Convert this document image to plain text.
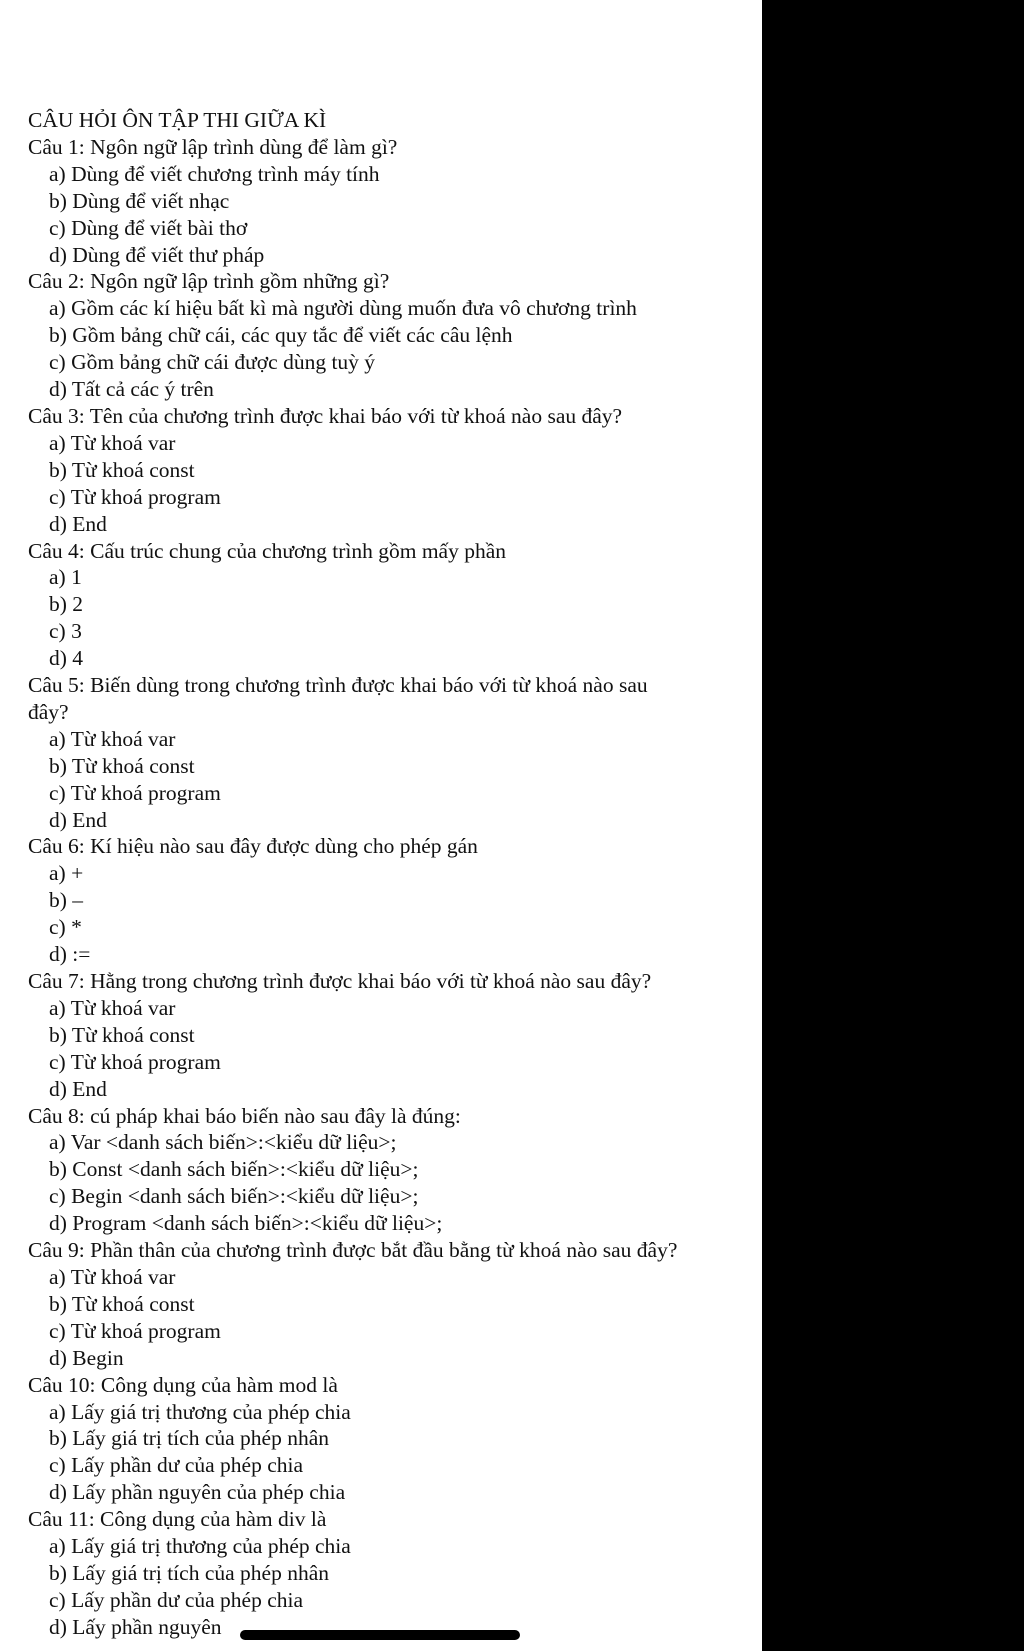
CÂU HỎI ÔN TẬP THI GIỮA KÌ
Câu 1: Ngôn ngữ lập trình dùng để làm gì?
a) Dùng để viết chương trình máy tính
b) Dùng để viết nhạc
c) Dùng để viết bài thơ
d) Dùng để viết thư pháp
Câu 2: Ngôn ngữ lập trình gồm những gì?
a) Gồm các kí hiệu bất kì mà người dùng muốn đưa vô chương trình
b) Gồm bảng chữ cái, các quy tắc để viết các câu lệnh
c) Gồm bảng chữ cái được dùng tuỳ ý
d) Tất cả các ý trên
Câu 3: Tên của chương trình được khai báo với từ khoá nào sau đây?
a) Từ khoá var
b) Từ khoá const
c) Từ khoá program
d) End
Câu 4: Cấu trúc chung của chương trình gồm mấy phần
a) 1
b) 2
c) 3
d) 4
Câu 5: Biến dùng trong chương trình được khai báo với từ khoá nào sau
đây?
a) Từ khoá var
b) Từ khoá const
c) Từ khoá program
d) End
Câu 6: Kí hiệu nào sau đây được dùng cho phép gán
a) +
b) –
c) *
d) :=
Câu 7: Hằng trong chương trình được khai báo với từ khoá nào sau đây?
a) Từ khoá var
b) Từ khoá const
c) Từ khoá program
d) End
Câu 8: cú pháp khai báo biến nào sau đây là đúng:
a) Var <danh sách biến>:<kiểu dữ liệu>;
b) Const <danh sách biến>:<kiểu dữ liệu>;
c) Begin <danh sách biến>:<kiểu dữ liệu>;
d) Program <danh sách biến>:<kiểu dữ liệu>;
Câu 9: Phần thân của chương trình được bắt đầu bằng từ khoá nào sau đây?
a) Từ khoá var
b) Từ khoá const
c) Từ khoá program
d) Begin
Câu 10: Công dụng của hàm mod là
a) Lấy giá trị thương của phép chia
b) Lấy giá trị tích của phép nhân
c) Lấy phần dư của phép chia
d) Lấy phần nguyên của phép chia
Câu 11: Công dụng của hàm div là
a) Lấy giá trị thương của phép chia
b) Lấy giá trị tích của phép nhân
c) Lấy phần dư của phép chia
d) Lấy phần nguyên
